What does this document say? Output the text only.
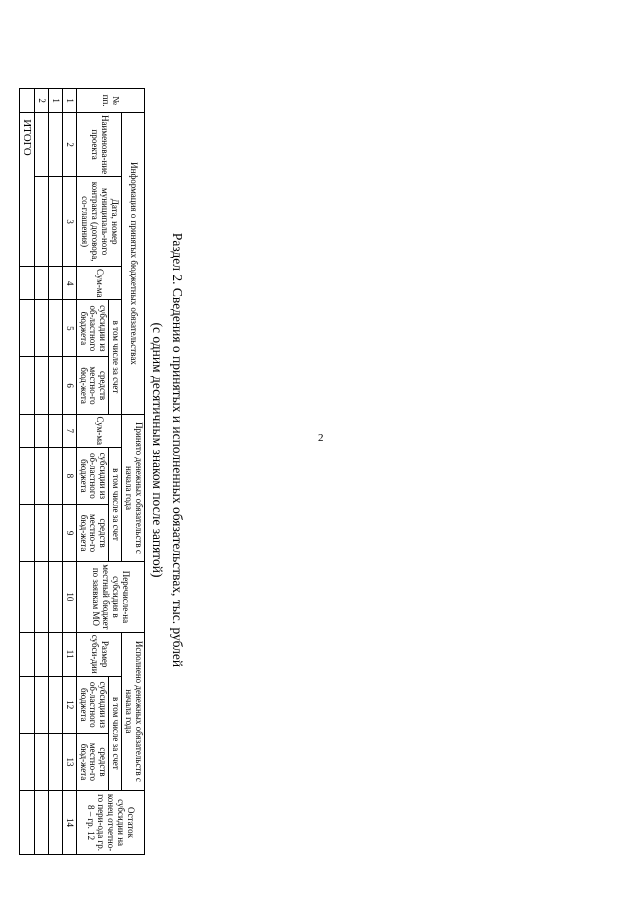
2
Раздел 2. Сведения о принятых и исполненных обязательствах, тыс. рублей
(с одним десятичным знаком после запятой)
№ пп.	Информация о принятых бюджетных обязательствах					Принято денежных обязательств с начала года			Перечисле-на субсидия в местный бюджет по заявкам МО	Исполнено денежных обязательств с начала года			Остаток субсидии на конец отчетно-го пери-ода гр. 8 – гр. 12
	Наименова-ние проекта	Дата, номер муниципаль-ного контракта (договора, со-глашения)	Сум-ма	в том числе за счет		Сум-ма	в том числе за счет			Размер субси-дии	в том числе за счет		
				субсидии из об-ластного бюджета	средств местно-го бюд-жета		субсидии из об-ластного бюджета	средств местно-го бюд-жета			субсидии из об-ластного бюджета	средств местно-го бюд-жета	
1	2	3	4	5	6	7	8	9	10	11	12	13	14
1													
2													
	ИТОГО												
